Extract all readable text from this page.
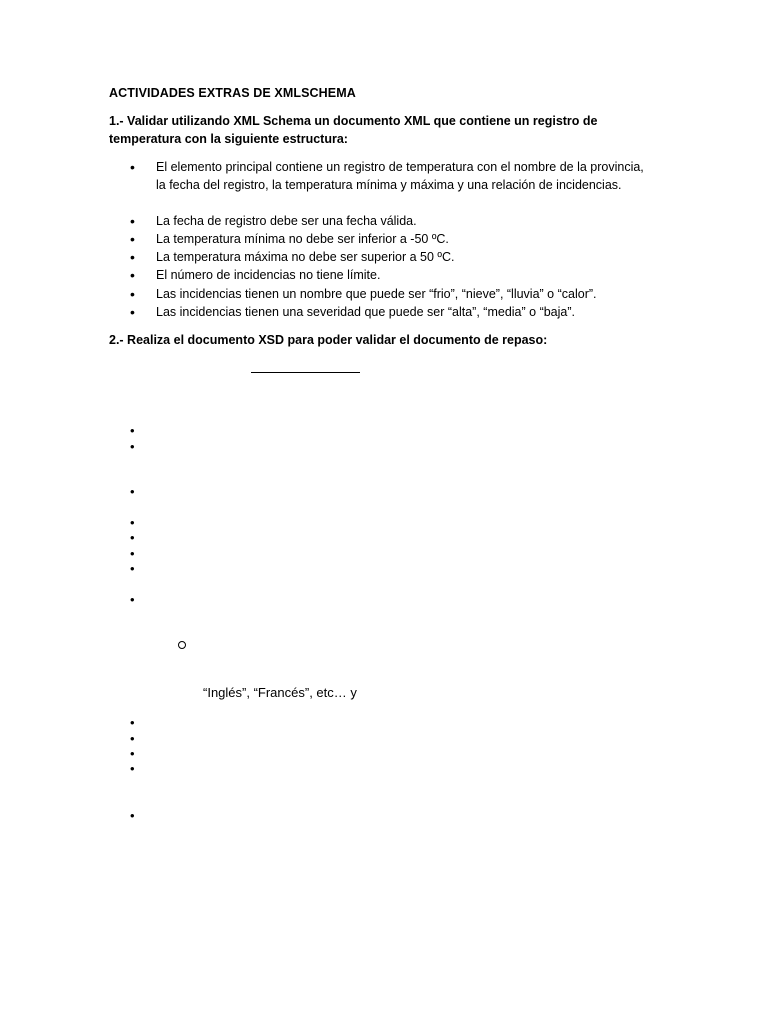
ACTIVIDADES EXTRAS DE XMLSCHEMA
1.- Validar utilizando XML Schema un documento XML que contiene un registro de temperatura con la siguiente estructura:
•	El elemento principal contiene un registro de temperatura con el nombre de la provincia, la fecha del registro, la temperatura mínima y máxima y una relación de incidencias.
•	La fecha de registro debe ser una fecha válida.
•	La temperatura mínima no debe ser inferior a -50 ºC.
•	La temperatura máxima no debe ser superior a 50 ºC.
•	El número de incidencias no tiene límite.
•	Las incidencias tienen un nombre que puede ser “frio”, “nieve”, “lluvia” o “calor”.
•	Las incidencias tienen una severidad que puede ser “alta”, “media” o “baja”.
2.- Realiza el documento XSD para poder validar el documento de repaso:
•
•
•
•
•
•
•
•
“Inglés”, “Francés”, etc… y
•
•
•
•
•
